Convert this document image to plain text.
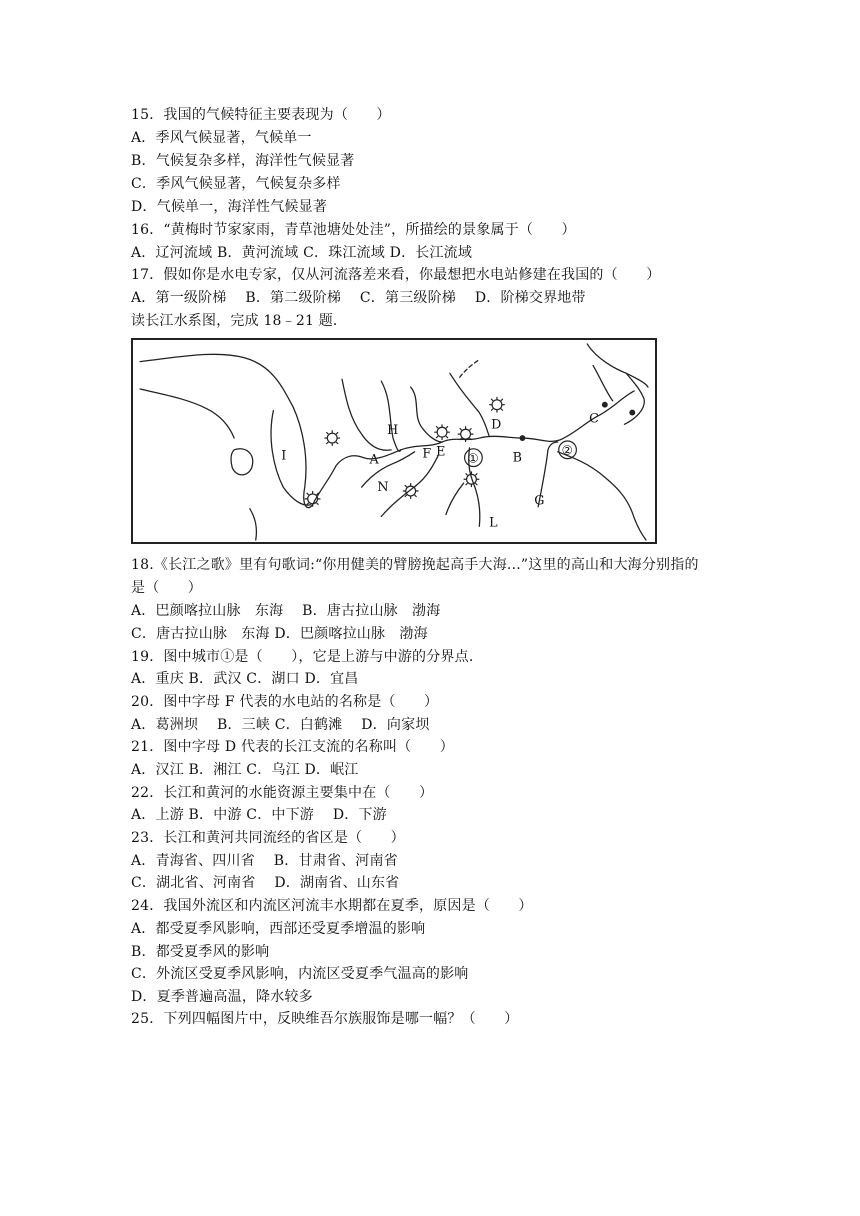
15．我国的气候特征主要表现为（　　）
A．季风气候显著，气候单一
B．气候复杂多样，海洋性气候显著
C．季风气候显著，气候复杂多样
D．气候单一，海洋性气候显著
16．“黄梅时节家家雨，青草池塘处处洼”，所描绘的景象属于（　　）
A．辽河流域 B．黄河流域 C．珠江流域 D．长江流域
17．假如你是水电专家，仅从河流落差来看，你最想把水电站修建在我国的（　　）
A．第一级阶梯　 B．第二级阶梯　 C．第三级阶梯　 D．阶梯交界地带
读长江水系图，完成 18﹣21 题．
H
I	A
N
F E
D
B
C
G
L
①
②
18.《长江之歌》里有句歌词:“你用健美的臂膀挽起高手大海...”这里的高山和大海分别指的
是（　　）
A．巴颜喀拉山脉　东海　 B．唐古拉山脉　渤海
C．唐古拉山脉　东海 D．巴颜喀拉山脉　渤海
19．图中城市①是（　　），它是上游与中游的分界点.
A．重庆 B．武汉 C．湖口 D．宜昌
20．图中字母 F 代表的水电站的名称是（　　）
A．葛洲坝　 B．三峡 C．白鹤滩　 D．向家坝
21．图中字母 D 代表的长江支流的名称叫（　　）
A．汉江 B．湘江 C．乌江 D．岷江
22．长江和黄河的水能资源主要集中在（　　）
A．上游 B．中游 C．中下游　 D．下游
23．长江和黄河共同流经的省区是（　　）
A．青海省、四川省　 B．甘肃省、河南省
C．湖北省、河南省　 D．湖南省、山东省
24．我国外流区和内流区河流丰水期都在夏季，原因是（　　）
A．都受夏季风影响，西部还受夏季增温的影响
B．都受夏季风的影响
C．外流区受夏季风影响，内流区受夏季气温高的影响
D．夏季普遍高温，降水较多
25．下列四幅图片中，反映维吾尔族服饰是哪一幅？（　　）
